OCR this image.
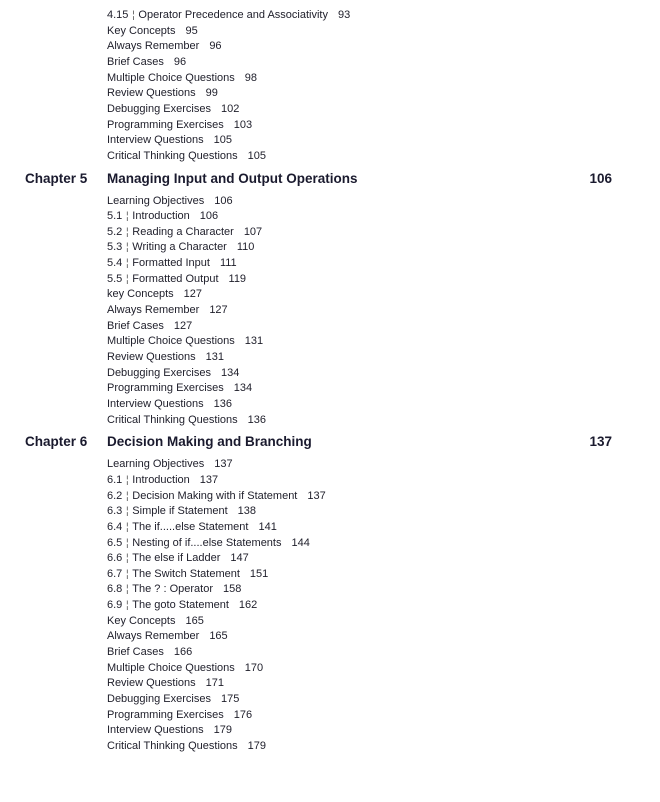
4.15 ¦ Operator Precedence and Associativity 93
Key Concepts 95
Always Remember 96
Brief Cases 96
Multiple Choice Questions 98
Review Questions 99
Debugging Exercises 102
Programming Exercises 103
Interview Questions 105
Critical Thinking Questions 105
Chapter 5 Managing Input and Output Operations	106
Learning Objectives 106
5.1 ¦ Introduction 106
5.2 ¦ Reading a Character 107
5.3 ¦ Writing a Character 110
5.4 ¦ Formatted Input 111
5.5 ¦ Formatted Output 119
key Concepts 127
Always Remember 127
Brief Cases 127
Multiple Choice Questions 131
Review Questions 131
Debugging Exercises 134
Programming Exercises 134
Interview Questions 136
Critical Thinking Questions 136
Chapter 6 Decision Making and Branching	137
Learning Objectives 137
6.1 ¦ Introduction 137
6.2 ¦ Decision Making with if Statement 137
6.3 ¦ Simple if Statement 138
6.4 ¦ The if.....else Statement 141
6.5 ¦ Nesting of if....else Statements 144
6.6 ¦ The else if Ladder 147
6.7 ¦ The Switch Statement 151
6.8 ¦ The ? : Operator 158
6.9 ¦ The goto Statement 162
Key Concepts 165
Always Remember 165
Brief Cases 166
Multiple Choice Questions 170
Review Questions 171
Debugging Exercises 175
Programming Exercises 176
Interview Questions 179
Critical Thinking Questions 179
